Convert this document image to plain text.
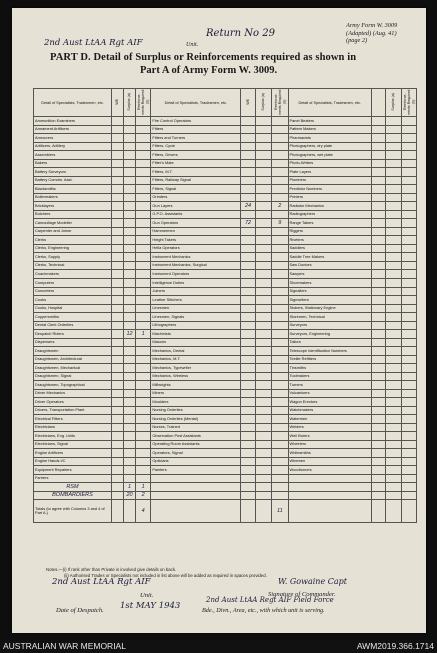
2nd Aust LtAA Rgt AIF	Unit.
Return No 29
Army Form W. 3009
(Adapted) (Aug. 41)
(page 2)
PART D. Detail of Surplus or Reinforcements required as shown in
Part A of Army Form W. 3009.
Detail of Specialists, Tradesmen, etc.	WE	Surplus (a)	Reinforce-ments Required (b)	Detail of Specialists, Tradesmen, etc.	WE	Surplus (a)	Reinforce-ments Required (b)	Detail of Specialists, Tradesmen, etc.		Surplus (a)	Reinforce-ments Required (b)
Ammunition Examiners				Fire Control Operators				Panel Beaters			
Armament Artificers				Fitters				Pattern Makers			
Armourers				Fitters and Turners				Pharmacists			
Artificers, Artillery				Fitters, Cycle				Photographers, dry plate			
Assemblers				Fitters, Drivers				Photographers, wet plate			
Bakers				Fitter's Mate				Photo-Writers			
Battery Surveyors				Fitters, M.T.				Plate Layers			
Battery Comdrs. Asst.				Fitters, Railway Signal				Plumbers			
Blacksmiths				Fitters, Signal				Predictor Numbers			
Boilermakers				Grinders				Printers			
Bricklayers				Gun Layers	24		2	Radiator Mechanics			
Butchers				G.P.O. Assistants				Radiographers			
Camouflage Modeller				Gun Operators	72		9	Range Takers			
Carpenter and Joiner				Hammermen				Riggers			
Clerks				Height Takers				Riveters			
Clerks, Engineering				Hella Operators				Saddlers			
Clerks, Supply				Instrument Mechanics				Saddle Tree Makers			
Clerks, Technical				Instrument Mechanics, Surgical				Saw Doctors			
Coachmakers				Instrument Operators				Sawyers			
Computers				Intelligence Duties				Shoemakers			
Concreters				Joiners				Signallers			
Cooks				Leather Stitchers				Signwriters			
Cooks, Hospital				Linesmen				Stokers, Stationary Engine			
Coppersmiths				Linesmen, Signals				Storemen, Technical			
Dental Clerk Orderlies				Lithographers				Surveyors			
Despatch Riders		12	1	Machinists				Surveyors, Engineering			
Dispensers				Masons				Tailors			
Draughtsmen				Mechanics, Dental				Telescope Identification Numbers			
Draughtsmen, Architectural				Mechanics, M.T.				Textile Refitters			
Draughtsmen, Mechanical				Mechanics, Typewriter				Tinsmiths			
Draughtsmen, Signal				Mechanics, Wireless				Toolmakers			
Draughtsmen, Topographical				Millwrights				Turners			
Driver Mechanics				Miners				Vulcanisers			
Driver Operators				Moulders				Wagon Erectors			
Drivers, Transportation Plant				Nursing Orderlies				Watchmakers			
Electrical Fitters				Nursing Orderlies (Mental)				Watermen			
Electricians				Nurses, Trained				Welders			
Electricians, Eng. Units				Observation Post Assistants				Well Borers			
Electricians, Signal				Operating Room Assistants				Wheelers			
Engine Artificers				Operators, Signal				Whitesmiths			
Engine Hands I/C				Opticians				Wiremen			
Equipment Repairers				Painters				Woodturners			
Farriers											
RSM		1	1								
BOMBARDIERS		20	2								
Totals (to agree with Columns 3 and 4 of Part A.)			4				11				
Notes.—(i) If rank other than Private is involved give details on back.
(ii) Authorised Trades or Specialists not included in list above will be added as required in spaces provided.
2nd Aust LtAA Rgt AIF
Unit.
W. Gowaine Capt
Signature of Commander.
Date of Despatch. 1st MAY 1943
2nd Aust LtAA Regt AIF Field Force
Bde., Divn., Area, etc., with which unit is serving.
AUSTRALIAN WAR MEMORIAL	AWM2019.366.1714
